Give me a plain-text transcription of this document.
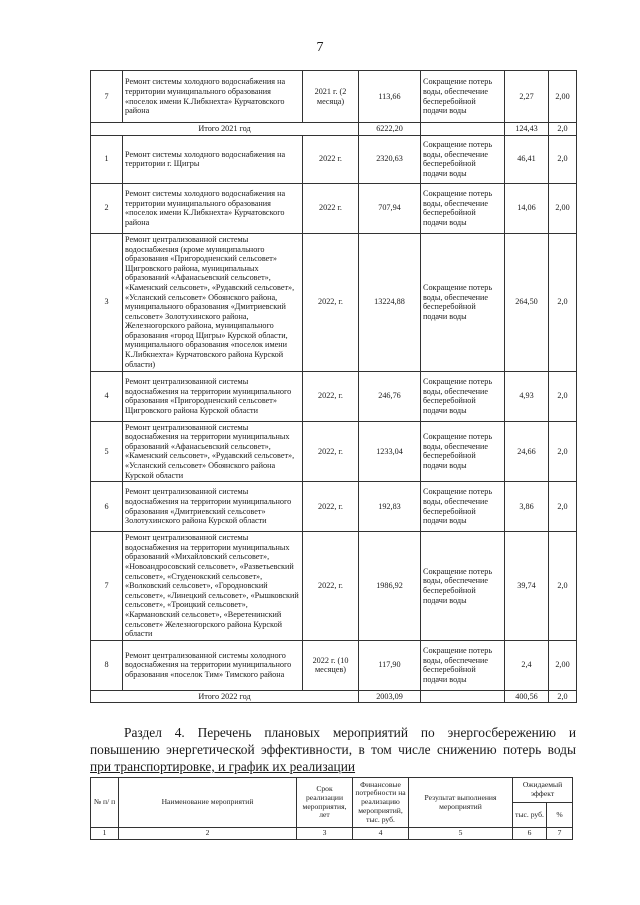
7
7	Ремонт системы холодного водоснабжения на территории муниципального образования «поселок имени К.Либкнехта» Курчатовского района	2021 г. (2 месяца)	113,66	Сокращение потерь воды, обеспечение бесперебойной подачи воды	2,27	2,00
Итого 2021 год			6222,20		124,43	2,0
1	Ремонт системы холодного водоснабжения на территории г. Щигры	2022 г.	2320,63	Сокращение потерь воды, обеспечение бесперебойной подачи воды	46,41	2,0
2	Ремонт системы холодного водоснабжения на территории муниципального образования «поселок имени К.Либкнехта» Курчатовского района	2022 г.	707,94	Сокращение потерь воды, обеспечение бесперебойной подачи воды	14,06	2,00
3	Ремонт централизованной системы водоснабжения (кроме муниципального образования «Пригородненский сельсовет» Щигровского района, муниципальных образований «Афанасьевский сельсовет», «Каменский сельсовет», «Рудавский сельсовет», «Усланский сельсовет» Обоянского района, муниципального образования «Дмитриевский сельсовет» Золотухинского района, Железногорского района, муниципального образования «город Щигры» Курской области, муниципального образования «поселок имени К.Либкнехта» Курчатовского района Курской области)	2022, г.	13224,88	Сокращение потерь воды, обеспечение бесперебойной подачи воды	264,50	2,0
4	Ремонт централизованной системы водоснабжения на территории муниципального образования «Пригородненский сельсовет» Щигровского района Курской области	2022, г.	246,76	Сокращение потерь воды, обеспечение бесперебойной подачи воды	4,93	2,0
5	Ремонт централизованной системы водоснабжения на территории муниципальных образований «Афанасьевский сельсовет», «Каменский сельсовет», «Рудавский сельсовет», «Усланский сельсовет» Обоянского района Курской области	2022, г.	1233,04	Сокращение потерь воды, обеспечение бесперебойной подачи воды	24,66	2,0
6	Ремонт централизованной системы водоснабжения на территории муниципального образования «Дмитриевский сельсовет» Золотухинского района Курской области	2022, г.	192,83	Сокращение потерь воды, обеспечение бесперебойной подачи воды	3,86	2,0
7	Ремонт централизованной системы водоснабжения на территории муниципальных образований «Михайловский сельсовет», «Новоандросовский сельсовет», «Разветьевский сельсовет», «Студенокский сельсовет», «Волковский сельсовет», «Городновский сельсовет», «Линецкий сельсовет», «Рышковский сельсовет», «Троицкий сельсовет», «Кармановский сельсовет», «Веретенинский сельсовет» Железногорского района Курской области	2022, г.	1986,92	Сокращение потерь воды, обеспечение бесперебойной подачи воды	39,74	2,0
8	Ремонт централизованной системы холодного водоснабжения на территории муниципального образования «поселок Тим» Тимского района	2022 г. (10 месяцев)	117,90	Сокращение потерь воды, обеспечение бесперебойной подачи воды	2,4	2,00
Итого 2022 год			2003,09		400,56	2,0
Раздел 4. Перечень плановых мероприятий по энергосбережению и повышению энергетической эффективности, в том числе снижению потерь воды при транспортировке, и график их реализации
№ п/ п	Наименование мероприятий	Срок реализации мероприятия, лет	Финансовые потребности на реализацию мероприятий, тыс. руб.	Результат выполнения мероприятий	Ожидаемый эффект	
					тыс. руб.	%
1	2	3	4	5	6	7
